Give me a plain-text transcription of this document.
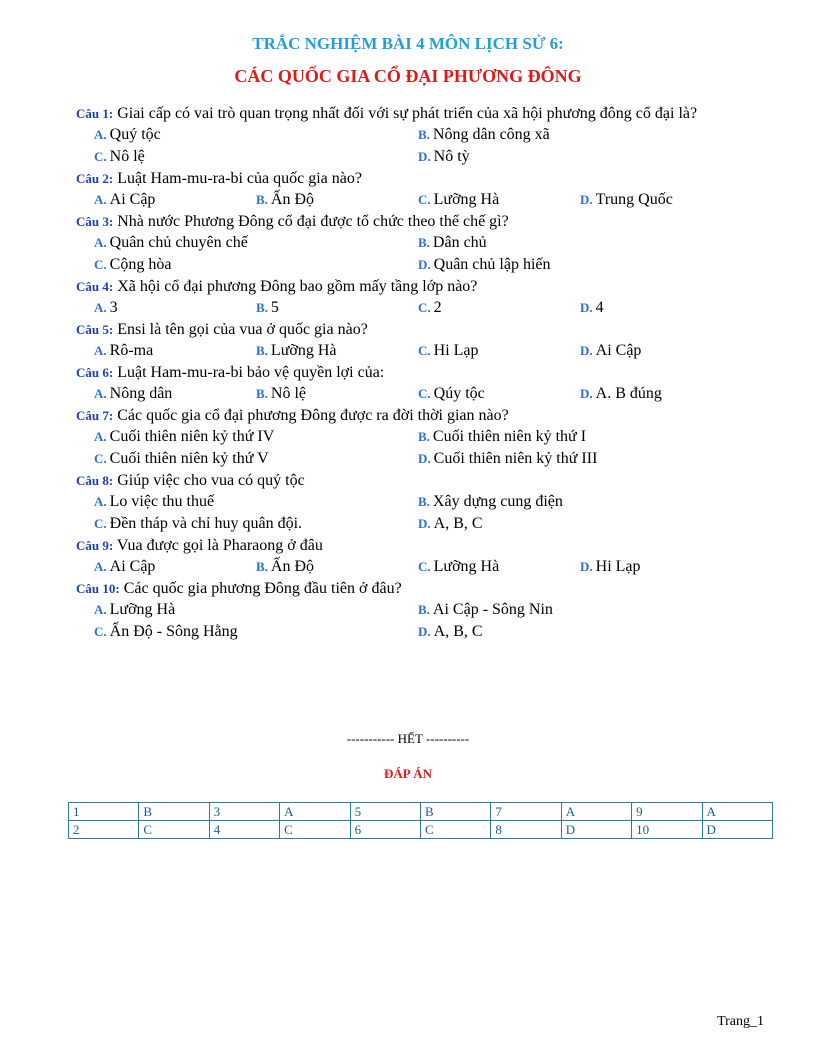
TRẮC NGHIỆM BÀI 4 MÔN LỊCH SỬ 6:
CÁC QUỐC GIA CỔ ĐẠI PHƯƠNG ĐÔNG
Câu 1: Giai cấp có vai trò quan trọng nhất đối với sự phát triển của xã hội phương đông cổ đại là?
A. Quý tộc	B. Nông dân công xã
C. Nô lệ	D. Nô tỳ
Câu 2: Luật Ham-mu-ra-bi của quốc gia nào?
A. Ai Cập	B. Ấn Độ	C. Lưỡng Hà	D. Trung Quốc
Câu 3: Nhà nước Phương Đông cổ đại được tổ chức theo thể chế gì?
A. Quân chủ chuyên chế	B. Dân chủ
C. Cộng hòa	D. Quân chủ lập hiến
Câu 4: Xã hội cổ đại phương Đông bao gồm mấy tầng lớp nào?
A. 3	B. 5	C. 2	D. 4
Câu 5: Ensi là tên gọi của vua ở quốc gia nào?
A. Rô-ma	B. Lưỡng Hà	C. Hi Lạp	D. Ai Cập
Câu 6: Luật Ham-mu-ra-bi bảo vệ quyền lợi của:
A. Nông dân	B. Nô lệ	C. Qúy tộc	D. A. B đúng
Câu 7: Các quốc gia cổ đại phương Đông được ra đời thời gian nào?
A. Cuối thiên niên kỷ thứ IV	B. Cuối thiên niên kỷ thứ I
C. Cuối thiên niên kỷ thứ V	D. Cuối thiên niên kỷ thứ III
Câu 8: Giúp việc cho vua có quý tộc
A. Lo việc thu thuế	B. Xây dựng cung điện
C. Đền tháp và chỉ huy quân đội.	D. A, B, C
Câu 9: Vua được gọi là Pharaong ở đâu
A. Ai Cập	B. Ấn Độ	C. Lưỡng Hà	D. Hi Lạp
Câu 10: Các quốc gia phương Đông đầu tiên ở đâu?
A. Lưỡng Hà	B. Ai Cập - Sông Nin
C. Ấn Độ - Sông Hằng	D. A, B, C
----------- HẾT ----------
ĐÁP ÁN
1	B	3	A	5	B	7	A	9	A
2	C	4	C	6	C	8	D	10	D
Trang_1
